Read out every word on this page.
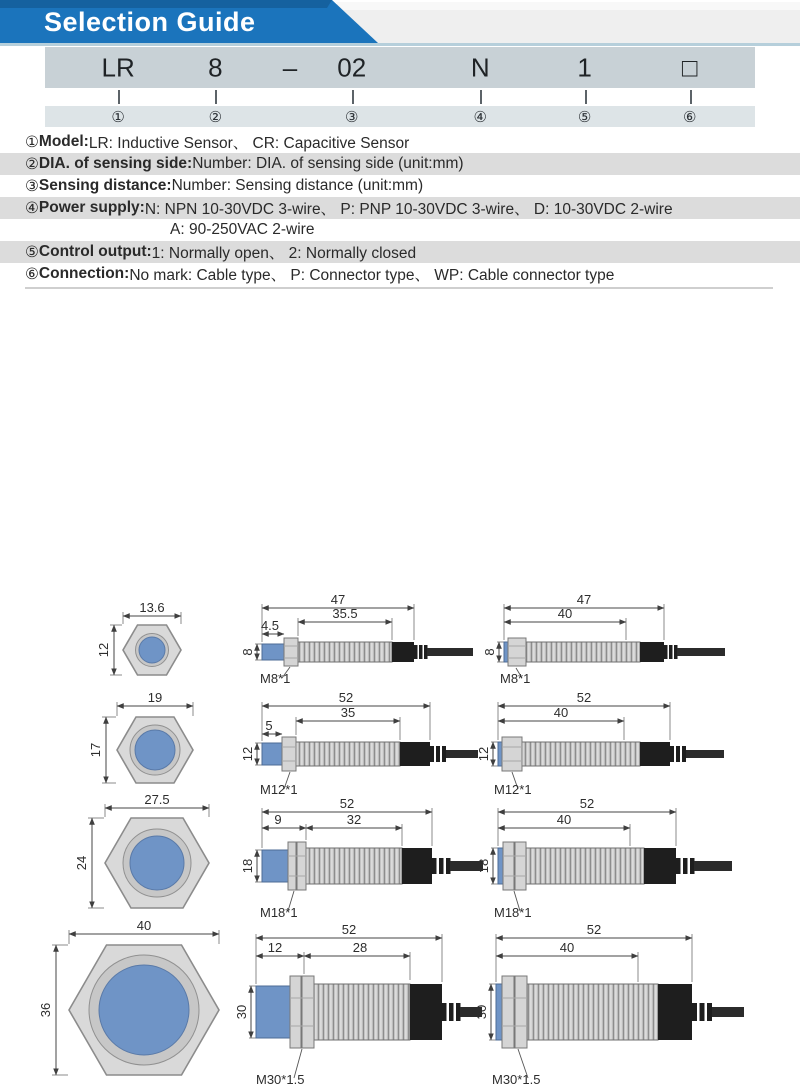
Selection Guide
LR	8 – 02	N	1	□
①	②	③	④	⑤	⑥
① Model: LR: Inductive Sensor、 CR: Capacitive Sensor
② DIA. of sensing side: Number: DIA. of sensing side (unit:mm)
③ Sensing distance: Number: Sensing distance (unit:mm)
④ Power supply: N: NPN 10-30VDC 3-wire、 P: PNP 10-30VDC 3-wire、 D: 10-30VDC 2-wire
A: 90-250VAC 2-wire
⑤ Control output: 1: Normally open、 2: Normally closed
⑥ Connection: No mark: Cable type、 P: Connector type、 WP: Cable connector type
13.6
12
47
35.5
4.5
8
M8*1
47
40
8
M8*1
19
17
52
35
5
12
M12*1
52
40
12
M12*1
27.5
24
52
9	32
18
M18*1
52
40
18
M18*1
40
36
52
12	28
30
M30*1.5
52
40
30
M30*1.5
